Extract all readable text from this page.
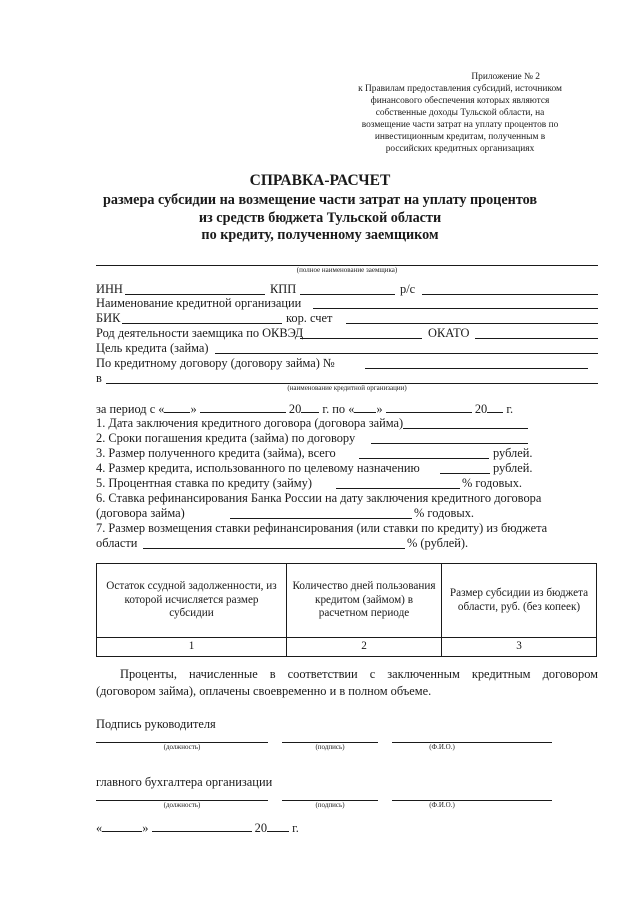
Приложение № 2
к Правилам предоставления субсидий, источником
финансового обеспечения которых являются
собственные доходы Тульской области, на
возмещение части затрат на уплату процентов по
инвестиционным кредитам, полученным в
российских кредитных организациях
СПРАВКА-РАСЧЕТ
размера субсидии на возмещение части затрат на уплату процентов
из средств бюджета Тульской области
по кредиту, полученному заемщиком
(полное наименование заемщика)
ИНН	КПП	р/с
Наименование кредитной организации
БИК	кор. счет
Род деятельности заемщика по ОКВЭД	ОКАТО
Цель кредита (займа)
По кредитному договору (договору займа) №
в
(наименование кредитной организации)
за период с « »	20 г. по « »	20 г.
1. Дата заключения кредитного договора (договора займа)
2. Сроки погашения кредита (займа) по договору
3. Размер полученного кредита (займа), всего	рублей.
4. Размер кредита, использованного по целевому назначению	рублей.
5. Процентная ставка по кредиту (займу)	% годовых.
6. Ставка рефинансирования Банка России на дату заключения кредитного договора
(договора займа)	% годовых.
7. Размер возмещения ставки рефинансирования (или ставки по кредиту) из бюджета
области	% (рублей).
Остаток ссудной задолженности, из которой исчисляется размер субсидии	Количество дней пользования кредитом (займом) в расчетном периоде	Размер субсидии из бюджета области, руб. (без копеек)
1	2	3
Проценты, начисленные в соответствии с заключенным кредитным договором (договором займа), оплачены своевременно и в полном объеме.
Подпись руководителя
(должность)	(подпись)	(Ф.И.О.)
главного бухгалтера организации
(должность)	(подпись)	(Ф.И.О.)
«	»	20 г.
